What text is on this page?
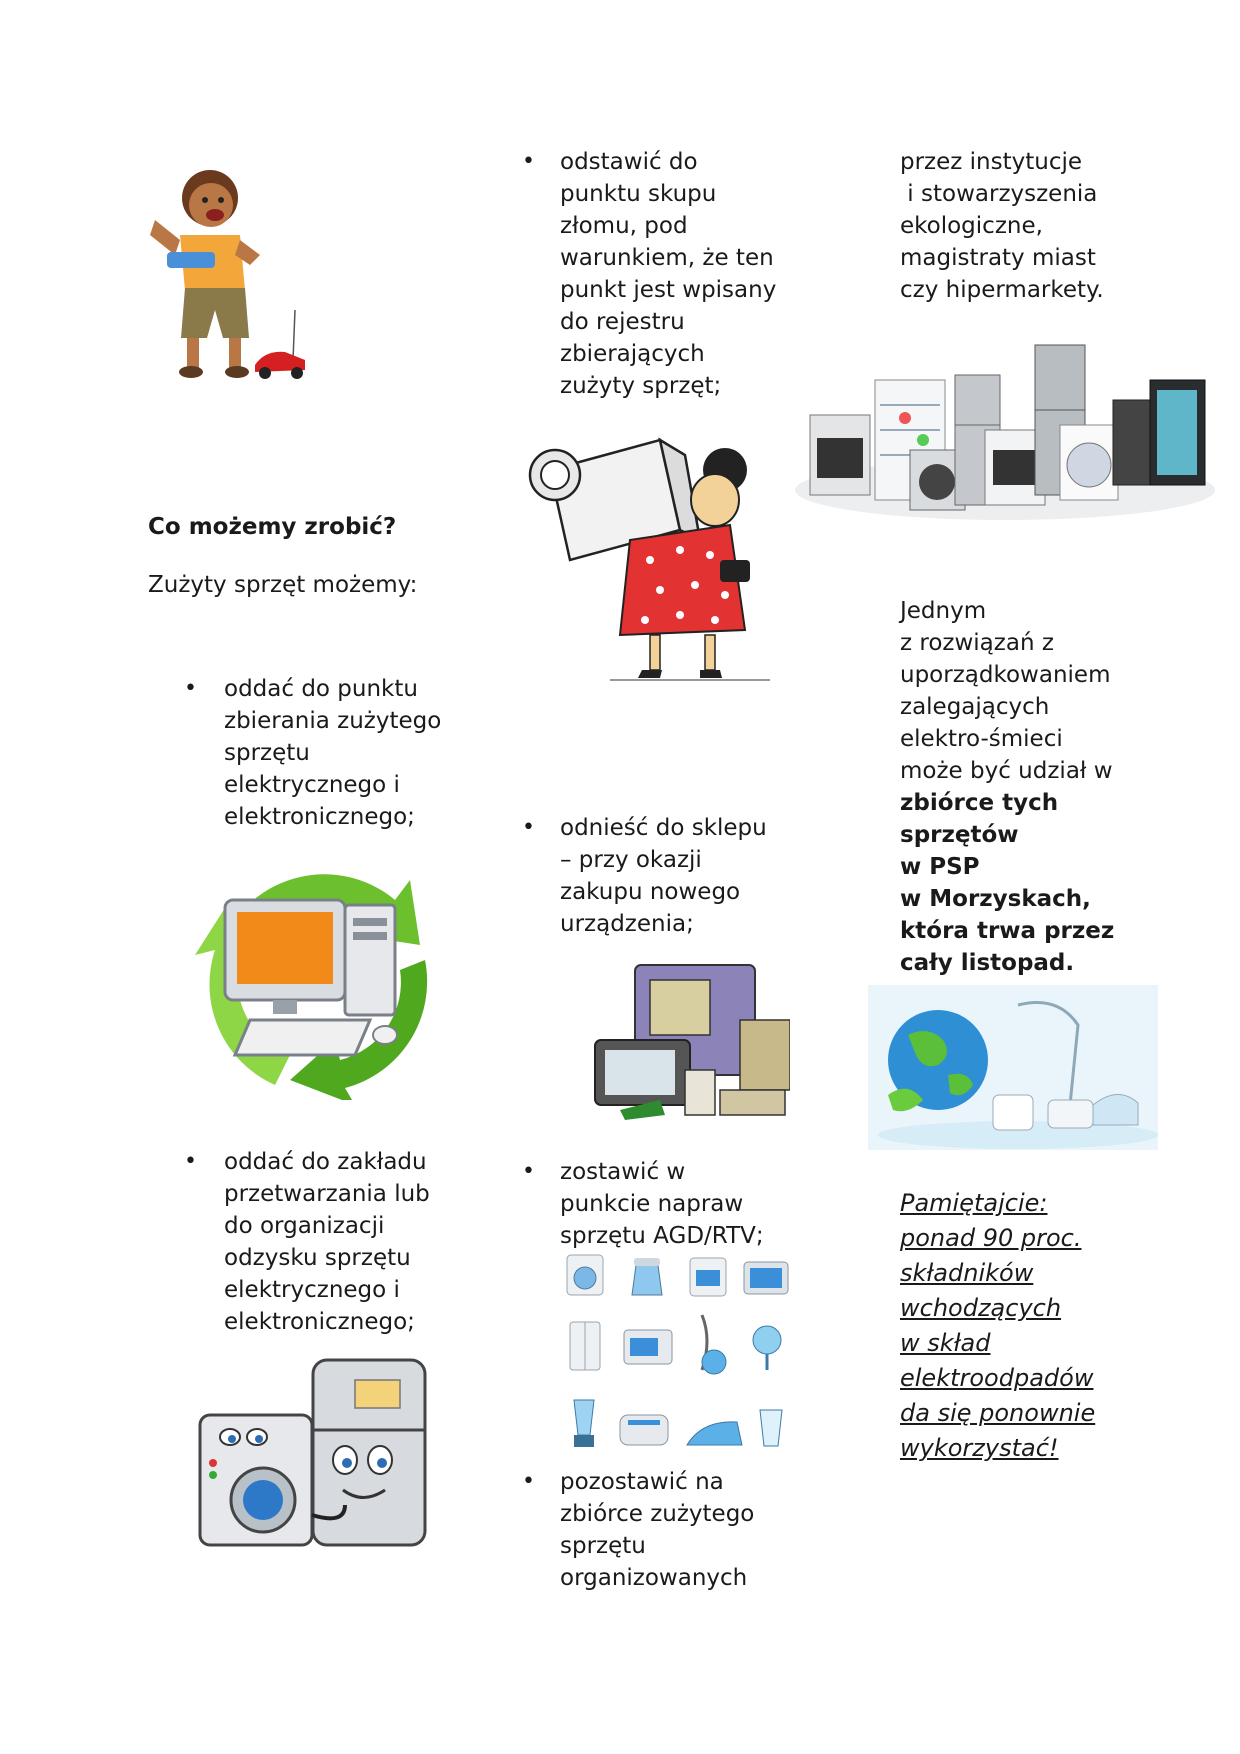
Co możemy zrobić?
Zużyty sprzęt możemy:
• oddać do punktu
zbierania zużytego
sprzętu
elektrycznego i
elektronicznego;
• oddać do zakładu
przetwarzania lub
do organizacji
odzysku sprzętu
elektrycznego i
elektronicznego;
• odstawić do
punktu skupu
złomu, pod
warunkiem, że ten
punkt jest wpisany
do rejestru
zbierających
zużyty sprzęt;
• odnieść do sklepu
– przy okazji
zakupu nowego
urządzenia;
• zostawić w
punkcie napraw
sprzętu AGD/RTV;
• pozostawić na
zbiórce zużytego
sprzętu
organizowanych
przez instytucje
i stowarzyszenia
ekologiczne,
magistraty miast
czy hipermarkety.
Jednym
z rozwiązań z
uporządkowaniem
zalegających
elektro-śmieci
może być udział w
zbiórce tych
sprzętów
w PSP
w Morzyskach,
która trwa przez
cały listopad.
Pamiętajcie:
ponad 90 proc.
składników
wchodzących
w skład
elektroodpadów
da się ponownie
wykorzystać!
